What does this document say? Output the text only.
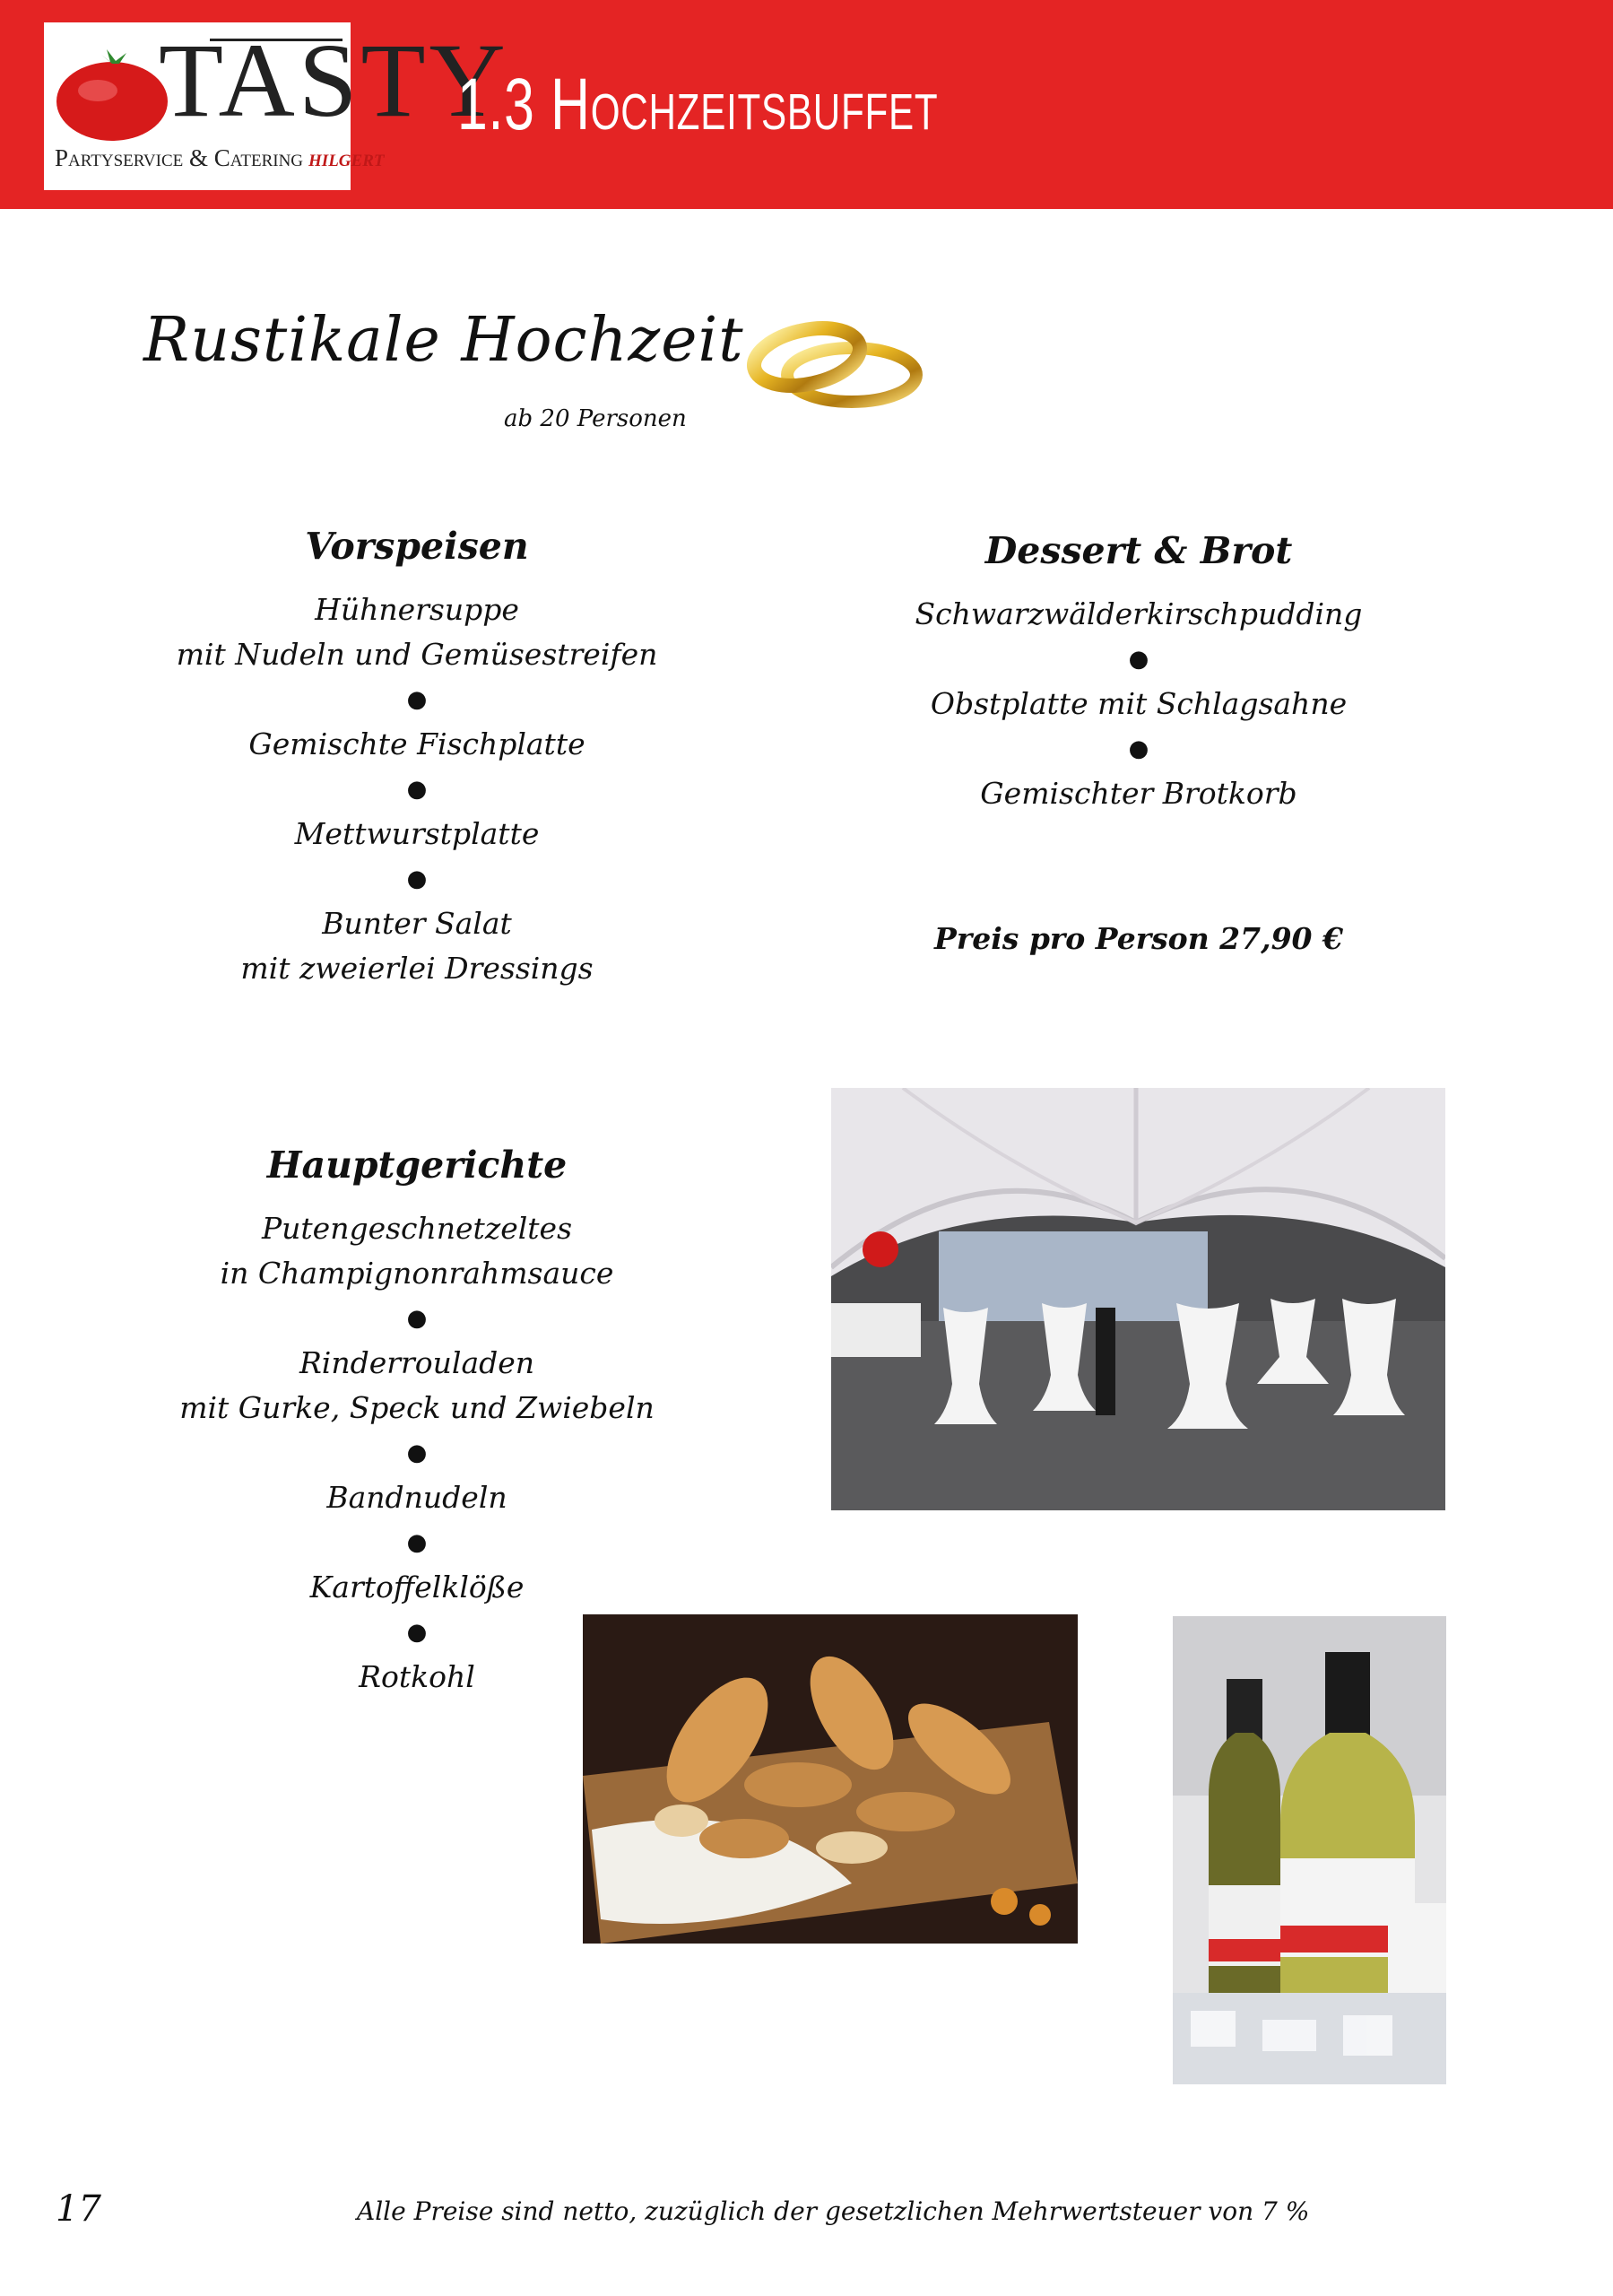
TASTY
Partyservice & Catering hilgert
1.3 Hochzeitsbuffet
Rustikale Hochzeit
ab 20 Personen

Vorspeisen

Hühnersuppe

mit Nudeln und Gemüsestreifen

●

Gemischte Fischplatte

●

Mettwurstplatte

●

Bunter Salat

mit zweierlei Dressings

Dessert & Brot

Schwarzwälderkirschpudding

●

Obstplatte mit Schlagsahne

●

Gemischter Brotkorb

Preis pro Person 27,90 €

Hauptgerichte

Putengeschnetzeltes

in Champignonrahmsauce

●

Rinderrouladen

mit Gurke, Speck und Zwiebeln

●

Bandnudeln

●

Kartoffelklöße

●

Rotkohl

17	Alle Preise sind netto, zuzüglich der gesetzlichen Mehrwertsteuer von 7 %
